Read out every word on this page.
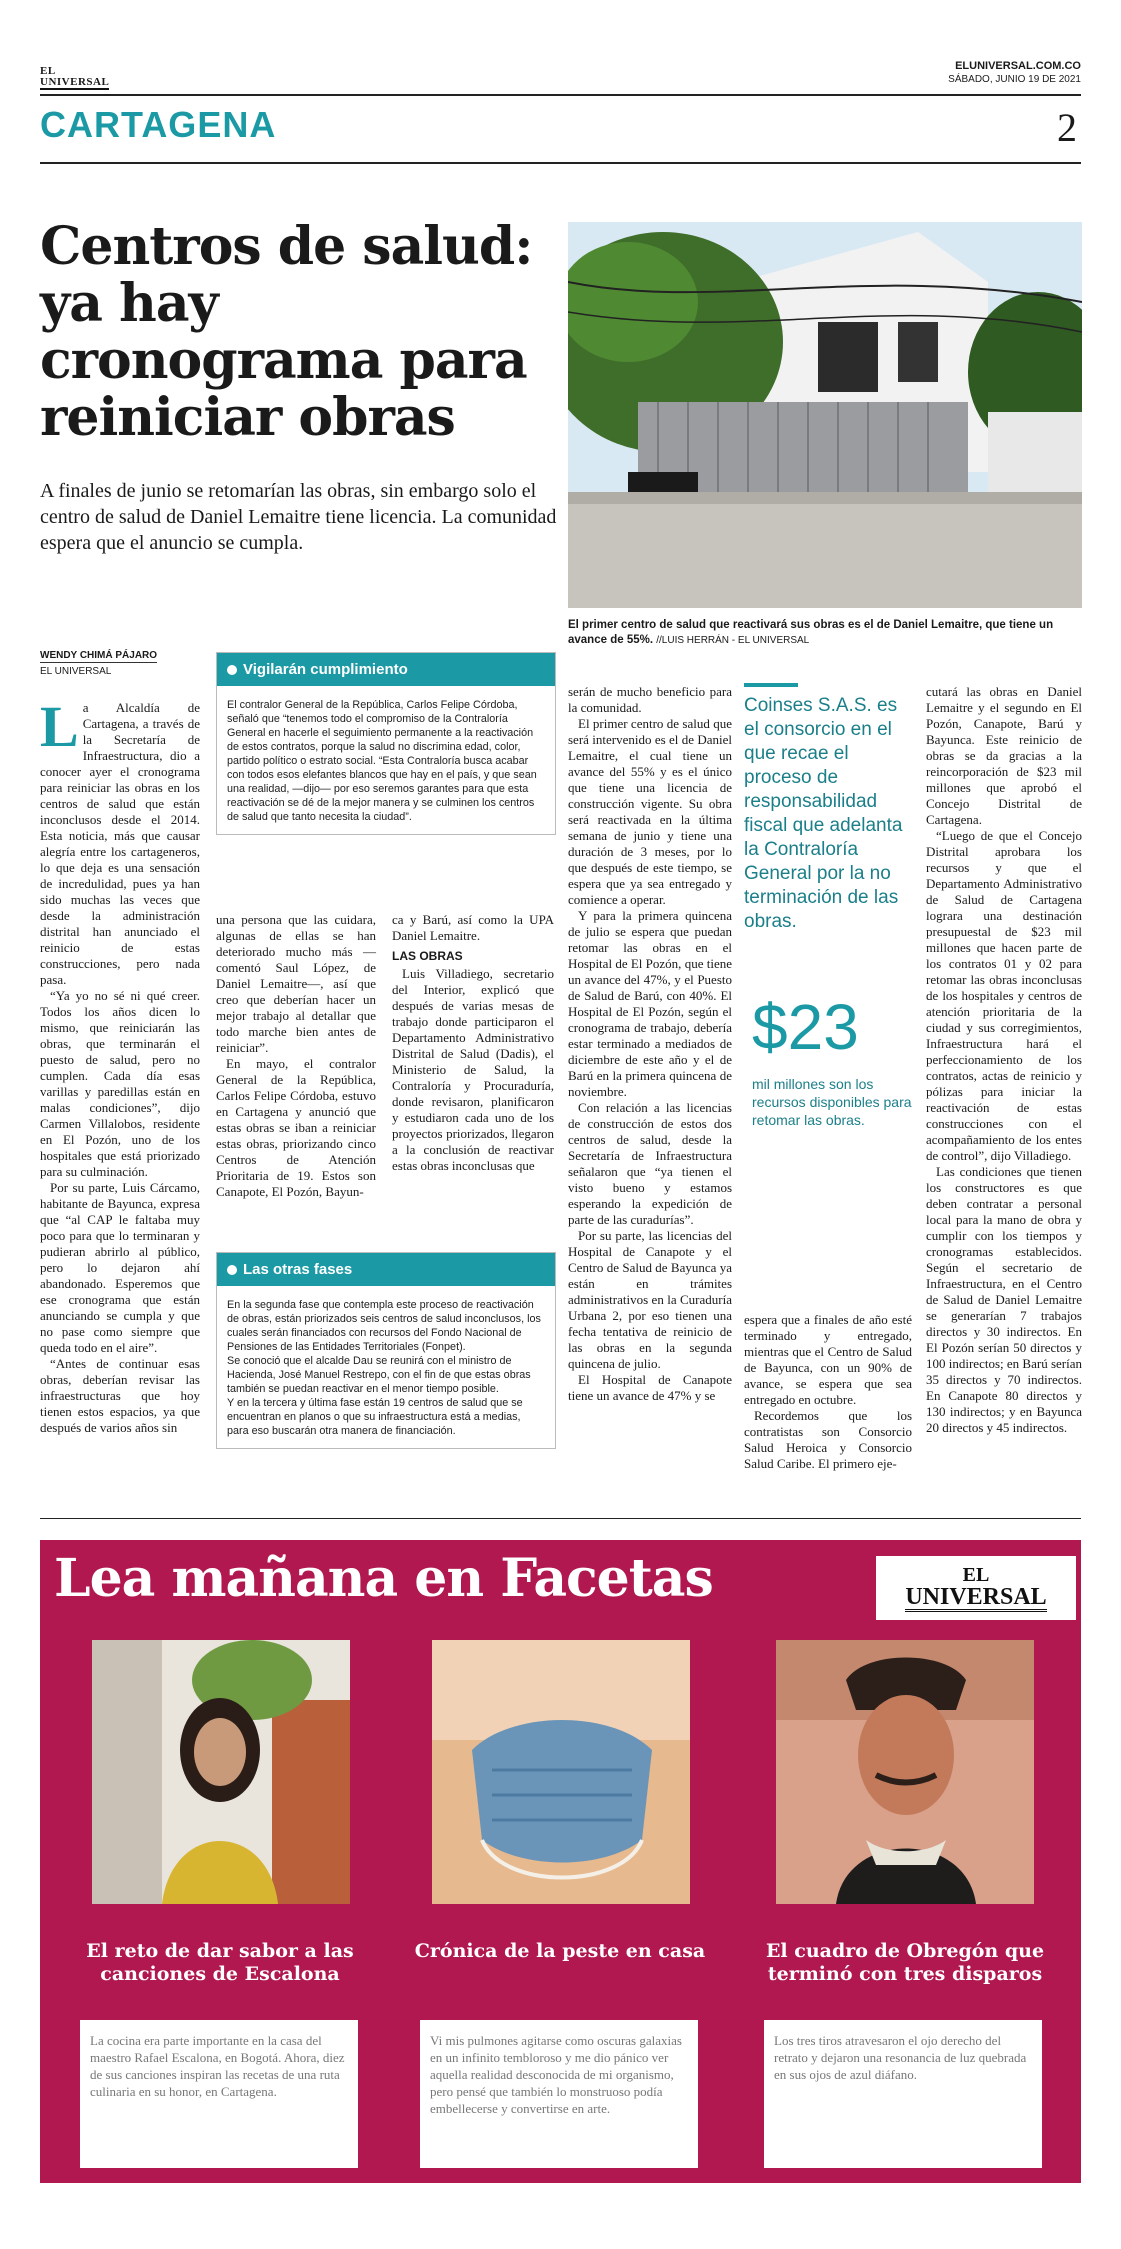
EL
UNIVERSAL
ELUNIVERSAL.COM.CO
SÁBADO, JUNIO 19 DE 2021
CARTAGENA	2
Centros de salud: ya hay cronograma para reiniciar obras
A finales de junio se retomarían las obras, sin embargo solo el centro de salud de Daniel Lemaitre tiene licencia. La comunidad espera que el anuncio se cumpla.
El primer centro de salud que reactivará sus obras es el de Daniel Lemaitre, que tiene un avance de 55%. //LUIS HERRÁN - EL UNIVERSAL
WENDY CHIMÁ PÁJARO
EL UNIVERSAL

La Alcaldía de Cartagena, a través de la Secretaría de Infraestructura, dio a conocer ayer el cronograma para reiniciar las obras en los centros de salud que están inconclusos desde el 2014. Esta noticia, más que causar alegría entre los cartageneros, lo que deja es una sensación de incredulidad, pues ya han sido muchas las veces que desde la administración distrital han anunciado el reinicio de estas construcciones, pero nada pasa.

“Ya yo no sé ni qué creer. Todos los años dicen lo mismo, que reiniciarán las obras, que terminarán el puesto de salud, pero no cumplen. Cada día esas varillas y paredillas están en malas condiciones”, dijo Carmen Villalobos, residente en El Pozón, uno de los hospitales que está priorizado para su culminación.

Por su parte, Luis Cárcamo, habitante de Bayunca, expresa que “al CAP le faltaba muy poco para que lo terminaran y pudieran abrirlo al público, pero lo dejaron ahí abandonado. Esperemos que ese cronograma que están anunciando se cumpla y que no pase como siempre que queda todo en el aire”.

“Antes de continuar esas obras, deberían revisar las infraestructuras que hoy tienen estos espacios, ya que después de varios años sin

Vigilarán cumplimiento

El contralor General de la República, Carlos Felipe Córdoba, señaló que “tenemos todo el compromiso de la Contraloría General en hacerle el seguimiento permanente a la reactivación de estos contratos, porque la salud no discrimina edad, color, partido político o estrato social. “Esta Contraloría busca acabar con todos esos elefantes blancos que hay en el país, y que sean una realidad, —dijo— por eso seremos garantes para que esta reactivación se dé de la mejor manera y se culminen los centros de salud que tanto necesita la ciudad”.

una persona que las cuidara, algunas de ellas se han deteriorado mucho más —comentó Saul López, de Daniel Lemaitre—, así que creo que deberían hacer un mejor trabajo al detallar que todo marche bien antes de reiniciar”.

En mayo, el contralor General de la República, Carlos Felipe Córdoba, estuvo en Cartagena y anunció que estas obras se iban a reiniciar estas obras, priorizando cinco Centros de Atención Prioritaria de 19. Estos son Canapote, El Pozón, Bayun-

ca y Barú, así como la UPA Daniel Lemaitre.

LAS OBRAS

Luis Villadiego, secretario del Interior, explicó que después de varias mesas de trabajo donde participaron el Departamento Administrativo Distrital de Salud (Dadis), el Ministerio de Salud, la Contraloría y Procuraduría, donde revisaron, planificaron y estudiaron cada uno de los proyectos priorizados, llegaron a la conclusión de reactivar estas obras inconclusas que

Las otras fases

En la segunda fase que contempla este proceso de reactivación de obras, están priorizados seis centros de salud inconclusos, los cuales serán financiados con recursos del Fondo Nacional de Pensiones de las Entidades Territoriales (Fonpet).

Se conoció que el alcalde Dau se reunirá con el ministro de Hacienda, José Manuel Restrepo, con el fin de que estas obras también se puedan reactivar en el menor tiempo posible.

Y en la tercera y última fase están 19 centros de salud que se encuentran en planos o que su infraestructura está a medias, para eso buscarán otra manera de financiación.

serán de mucho beneficio para la comunidad.

El primer centro de salud que será intervenido es el de Daniel Lemaitre, el cual tiene un avance del 55% y es el único que tiene una licencia de construcción vigente. Su obra será reactivada en la última semana de junio y tiene una duración de 3 meses, por lo que después de este tiempo, se espera que ya sea entregado y comience a operar.

Y para la primera quincena de julio se espera que puedan retomar las obras en el Hospital de El Pozón, que tiene un avance del 47%, y el Puesto de Salud de Barú, con 40%. El Hospital de El Pozón, según el cronograma de trabajo, debería estar terminado a mediados de diciembre de este año y el de Barú en la primera quincena de noviembre.

Con relación a las licencias de construcción de estos dos centros de salud, desde la Secretaría de Infraestructura señalaron que “ya tienen el visto bueno y estamos esperando la expedición de parte de las curadurías”.

Por su parte, las licencias del Hospital de Canapote y el Centro de Salud de Bayunca ya están en trámites administrativos en la Curaduría Urbana 2, por eso tienen una fecha tentativa de reinicio de las obras en la segunda quincena de julio.

El Hospital de Canapote tiene un avance de 47% y se

Coinses S.A.S. es el consorcio en el que recae el proceso de responsabilidad fiscal que adelanta la Contraloría General por la no terminación de las obras.
$23
mil millones son los recursos disponibles para retomar las obras.

espera que a finales de año esté terminado y entregado, mientras que el Centro de Salud de Bayunca, con un 90% de avance, se espera que sea entregado en octubre.

Recordemos que los contratistas son Consorcio Salud Heroica y Consorcio Salud Caribe. El primero eje-

cutará las obras en Daniel Lemaitre y el segundo en El Pozón, Canapote, Barú y Bayunca. Este reinicio de obras se da gracias a la reincorporación de $23 mil millones que aprobó el Concejo Distrital de Cartagena.

“Luego de que el Concejo Distrital aprobara los recursos y que el Departamento Administrativo de Salud de Cartagena lograra una destinación presupuestal de $23 mil millones que hacen parte de los contratos 01 y 02 para retomar las obras inconclusas de los hospitales y centros de atención prioritaria de la ciudad y sus corregimientos, Infraestructura hará el perfeccionamiento de los contratos, actas de reinicio y pólizas para iniciar la reactivación de estas construcciones con el acompañamiento de los entes de control”, dijo Villadiego.

Las condiciones que tienen los constructores es que deben contratar a personal local para la mano de obra y cumplir con los tiempos y cronogramas establecidos. Según el secretario de Infraestructura, en el Centro de Salud de Daniel Lemaitre se generarían 7 trabajos directos y 30 indirectos. En El Pozón serían 50 directos y 100 indirectos; en Barú serían 35 directos y 70 indirectos. En Canapote 80 directos y 130 indirectos; y en Bayunca 20 directos y 45 indirectos.

Lea mañana en Facetas	EL
UNIVERSAL
El reto de dar sabor a las canciones de Escalona
La cocina era parte importante en la casa del maestro Rafael Escalona, en Bogotá. Ahora, diez de sus canciones inspiran las recetas de una ruta culinaria en su honor, en Cartagena.
Crónica de la peste en casa
Vi mis pulmones agitarse como oscuras galaxias en un infinito tembloroso y me dio pánico ver aquella realidad desconocida de mi organismo, pero pensé que también lo monstruoso podía embellecerse y convertirse en arte.
El cuadro de Obregón que terminó con tres disparos
Los tres tiros atravesaron el ojo derecho del retrato y dejaron una resonancia de luz quebrada en sus ojos de azul diáfano.
